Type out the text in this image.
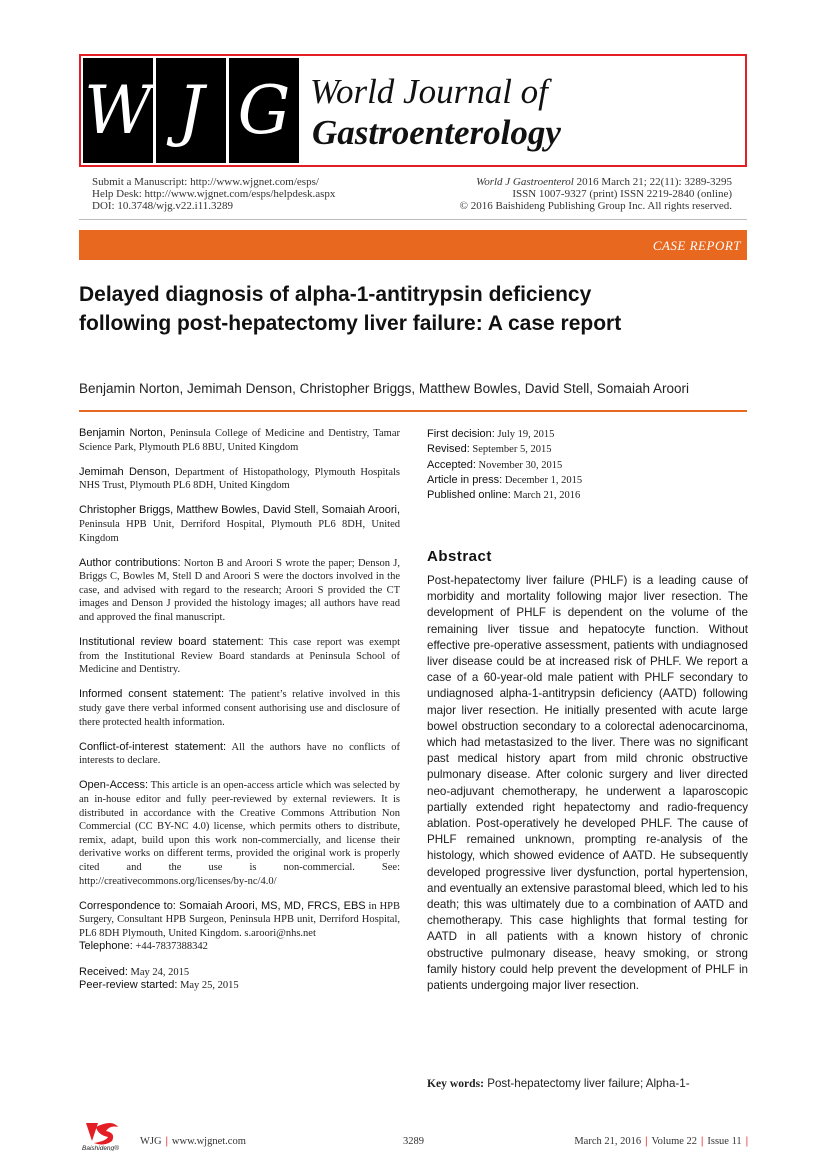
W J G World Journal of
Gastroenterology
Submit a Manuscript: http://www.wjgnet.com/esps/
Help Desk: http://www.wjgnet.com/esps/helpdesk.aspx
DOI: 10.3748/wjg.v22.i11.3289
World J Gastroenterol 2016 March 21; 22(11): 3289-3295
ISSN 1007-9327 (print) ISSN 2219-2840 (online)
© 2016 Baishideng Publishing Group Inc. All rights reserved.
CASE REPORT
Delayed diagnosis of alpha-1-antitrypsin deficiency
following post-hepatectomy liver failure: A case report
Benjamin Norton, Jemimah Denson, Christopher Briggs, Matthew Bowles, David Stell, Somaiah Aroori

Benjamin Norton, Peninsula College of Medicine and Dentistry, Tamar Science Park, Plymouth PL6 8BU, United Kingdom

Jemimah Denson, Department of Histopathology, Plymouth Hospitals NHS Trust, Plymouth PL6 8DH, United Kingdom

Christopher Briggs, Matthew Bowles, David Stell, Somaiah Aroori, Peninsula HPB Unit, Derriford Hospital, Plymouth PL6 8DH, United Kingdom

Author contributions: Norton B and Aroori S wrote the paper; Denson J, Briggs C, Bowles M, Stell D and Aroori S were the doctors involved in the case, and advised with regard to the research; Aroori S provided the CT images and Denson J provided the histology images; all authors have read and approved the final manuscript.

Institutional review board statement: This case report was exempt from the Institutional Review Board standards at Peninsula School of Medicine and Dentistry.

Informed consent statement: The patient’s relative involved in this study gave there verbal informed consent authorising use and disclosure of there protected health information.

Conflict-of-interest statement: All the authors have no conflicts of interests to declare.

Open-Access: This article is an open-access article which was selected by an in-house editor and fully peer-reviewed by external reviewers. It is distributed in accordance with the Creative Commons Attribution Non Commercial (CC BY-NC 4.0) license, which permits others to distribute, remix, adapt, build upon this work non-commercially, and license their derivative works on different terms, provided the original work is properly cited and the use is non-commercial. See: http://creativecommons.org/licenses/by-nc/4.0/

Correspondence to: Somaiah Aroori, MS, MD, FRCS, EBS in HPB Surgery, Consultant HPB Surgeon, Peninsula HPB unit, Derriford Hospital, PL6 8DH Plymouth, United Kingdom. s.aroori@nhs.net

Telephone: +44-7837388342

Received: May 24, 2015
Peer-review started: May 25, 2015

First decision: July 19, 2015
Revised: September 5, 2015
Accepted: November 30, 2015
Article in press: December 1, 2015
Published online: March 21, 2016
Abstract
Post-hepatectomy liver failure (PHLF) is a leading cause of morbidity and mortality following major liver resection. The development of PHLF is dependent on the volume of the remaining liver tissue and hepatocyte function. Without effective pre-operative assessment, patients with undiagnosed liver disease could be at increased risk of PHLF. We report a case of a 60-year-old male patient with PHLF secondary to undiagnosed alpha-1-antitrypsin deficiency (AATD) following major liver resection. He initially presented with acute large bowel obstruction secondary to a colorectal adenocarcinoma, which had metastasized to the liver. There was no significant past medical history apart from mild chronic obstructive pulmonary disease. After colonic surgery and liver directed neo-adjuvant chemotherapy, he underwent a laparoscopic partially extended right hepatectomy and radio-frequency ablation. Post-operatively he developed PHLF. The cause of PHLF remained unknown, prompting re-analysis of the histology, which showed evidence of AATD. He subsequently developed progressive liver dysfunction, portal hypertension, and eventually an extensive parastomal bleed, which led to his death; this was ultimately due to a combination of AATD and chemotherapy. This case highlights that formal testing for AATD in all patients with a known history of chronic obstructive pulmonary disease, heavy smoking, or strong family history could help prevent the development of PHLF in patients undergoing major liver resection.
Key words: Post-hepatectomy liver failure; Alpha-1-
Baishideng®
WJG | www.wjgnet.com	3289	March 21, 2016 | Volume 22 | Issue 11 |
